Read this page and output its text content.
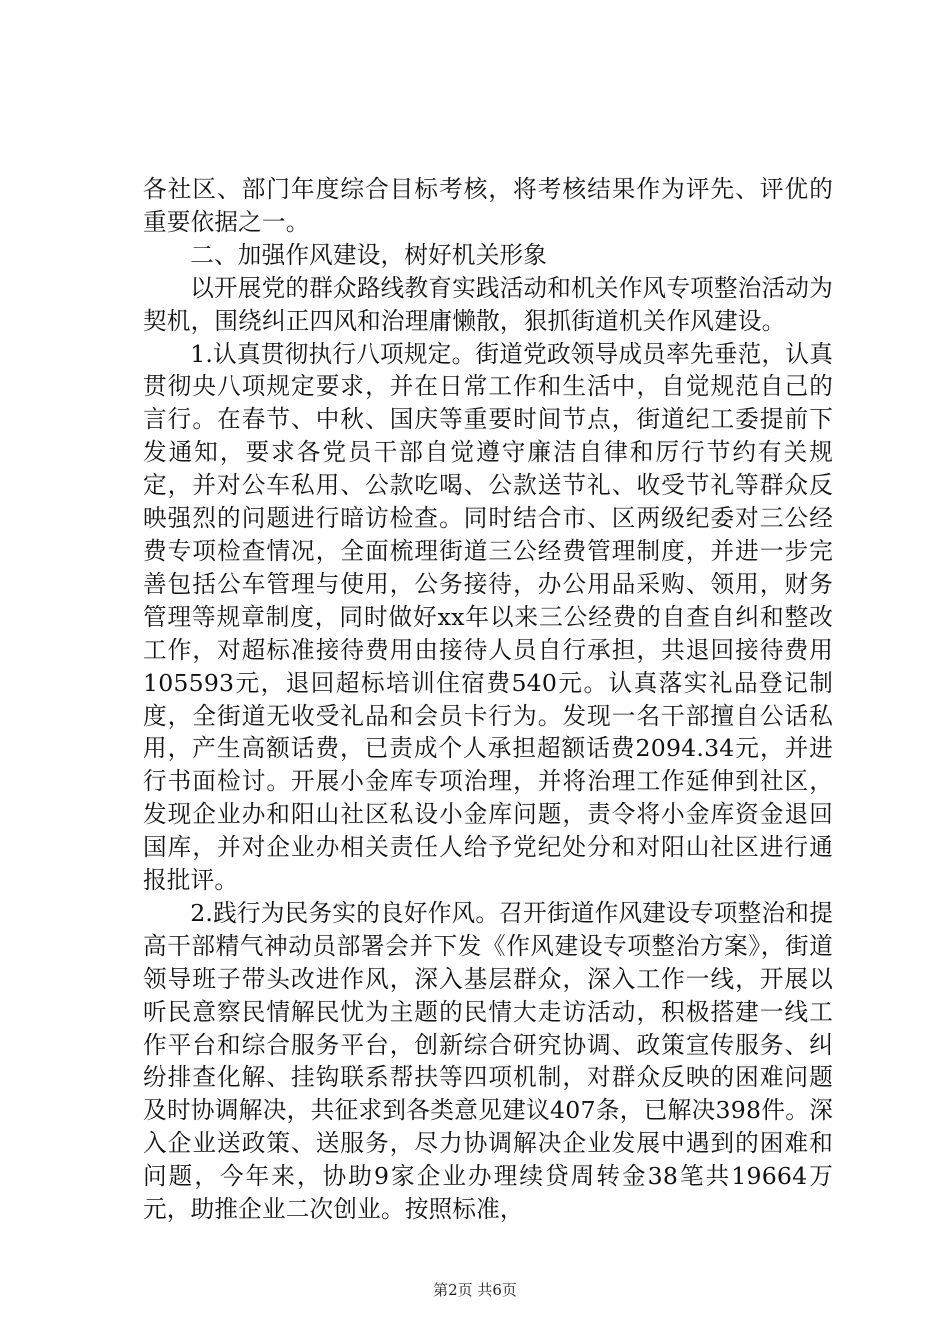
各社区、部门年度综合目标考核，将考核结果作为评先、评优的重要依据之一。

二、加强作风建设，树好机关形象

以开展党的群众路线教育实践活动和机关作风专项整治活动为契机，围绕纠正四风和治理庸懒散，狠抓街道机关作风建设。

1.认真贯彻执行八项规定。街道党政领导成员率先垂范，认真贯彻央八项规定要求，并在日常工作和生活中，自觉规范自己的言行。在春节、中秋、国庆等重要时间节点，街道纪工委提前下发通知，要求各党员干部自觉遵守廉洁自律和厉行节约有关规定，并对公车私用、公款吃喝、公款送节礼、收受节礼等群众反映强烈的问题进行暗访检查。同时结合市、区两级纪委对三公经费专项检查情况，全面梳理街道三公经费管理制度，并进一步完善包括公车管理与使用，公务接待，办公用品采购、领用，财务管理等规章制度，同时做好xx年以来三公经费的自查自纠和整改工作，对超标准接待费用由接待人员自行承担，共退回接待费用105593元，退回超标培训住宿费540元。认真落实礼品登记制度，全街道无收受礼品和会员卡行为。发现一名干部擅自公话私用，产生高额话费，已责成个人承担超额话费2094.34元，并进行书面检讨。开展小金库专项治理，并将治理工作延伸到社区，发现企业办和阳山社区私设小金库问题，责令将小金库资金退回国库，并对企业办相关责任人给予党纪处分和对阳山社区进行通报批评。

2.践行为民务实的良好作风。召开街道作风建设专项整治和提高干部精气神动员部署会并下发《作风建设专项整治方案》，街道领导班子带头改进作风，深入基层群众，深入工作一线，开展以听民意察民情解民忧为主题的民情大走访活动，积极搭建一线工作平台和综合服务平台，创新综合研究协调、政策宣传服务、纠纷排查化解、挂钩联系帮扶等四项机制，对群众反映的困难问题及时协调解决，共征求到各类意见建议407条，已解决398件。深入企业送政策、送服务，尽力协调解决企业发展中遇到的困难和问题，今年来，协助9家企业办理续贷周转金38笔共19664万元，助推企业二次创业。按照标准，

第2页 共6页
